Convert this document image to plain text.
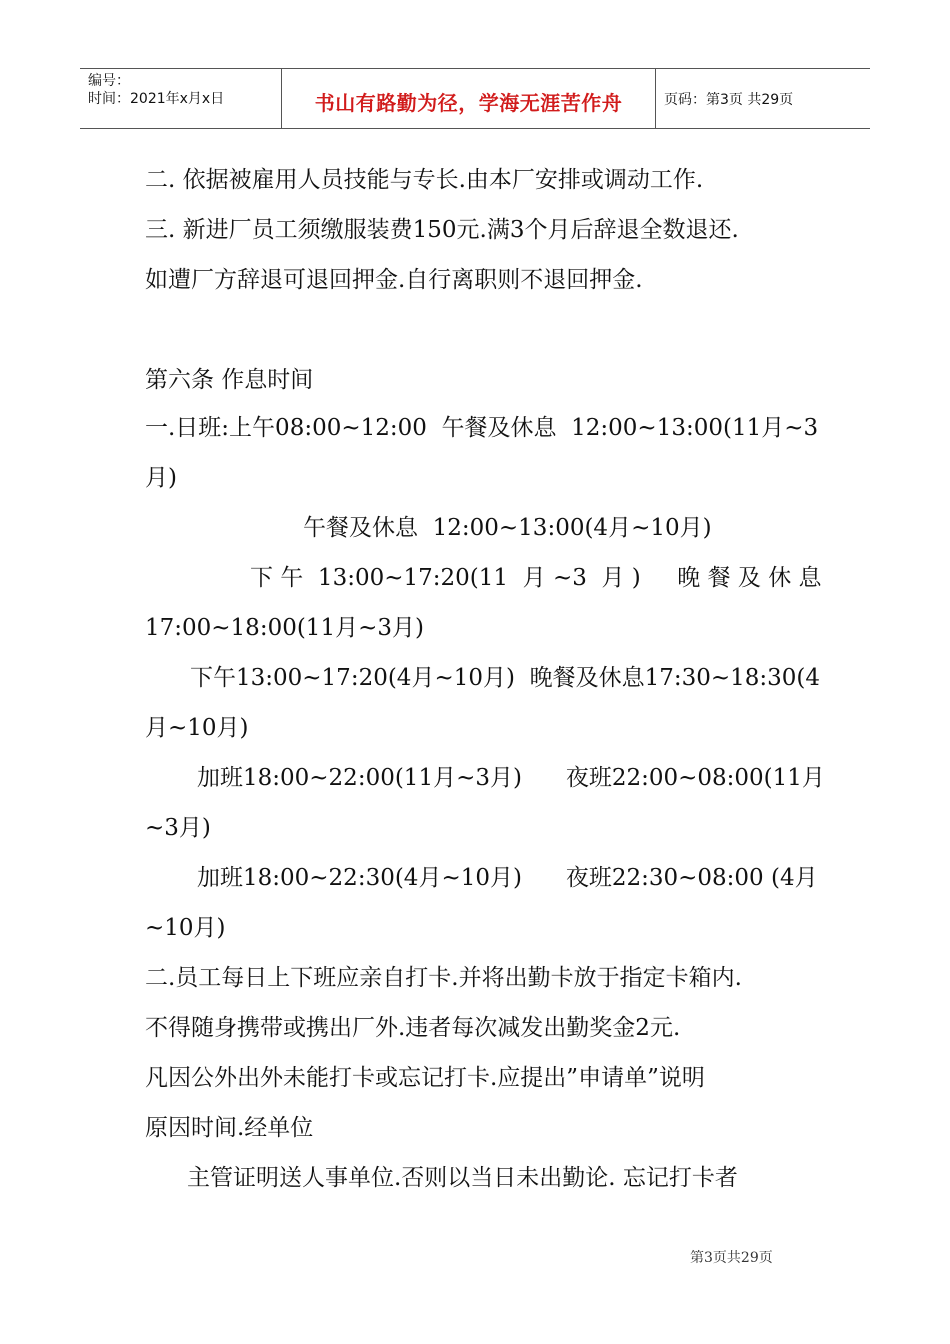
编号：
时间：2021年x月x日	书山有路勤为径，学海无涯苦作舟	页码：第3页 共29页
二. 依据被雇用人员技能与专长.由本厂安排或调动工作.
三. 新进厂员工须缴服装费150元.满3个月后辞退全数退还.
如遭厂方辞退可退回押金.自行离职则不退回押金.
第六条 作息时间
一.日班:上午08:00~12:00  午餐及休息  12:00~13:00(11月~3
月)
午餐及休息  12:00~13:00(4月~10月)
下 午  13:00~17:20(11  月 ~3  月 )     晚 餐 及 休 息
17:00~18:00(11月~3月)
下午13:00~17:20(4月~10月)  晚餐及休息17:30~18:30(4
月~10月)
加班18:00~22:00(11月~3月)      夜班22:00~08:00(11月
~3月)
加班18:00~22:30(4月~10月)      夜班22:30~08:00 (4月
~10月)
二.员工每日上下班应亲自打卡.并将出勤卡放于指定卡箱内.
不得随身携带或携出厂外.违者每次减发出勤奖金2元.
凡因公外出外未能打卡或忘记打卡.应提出”申请单”说明
原因时间.经单位
主管证明送人事单位.否则以当日未出勤论. 忘记打卡者
第3页共29页
